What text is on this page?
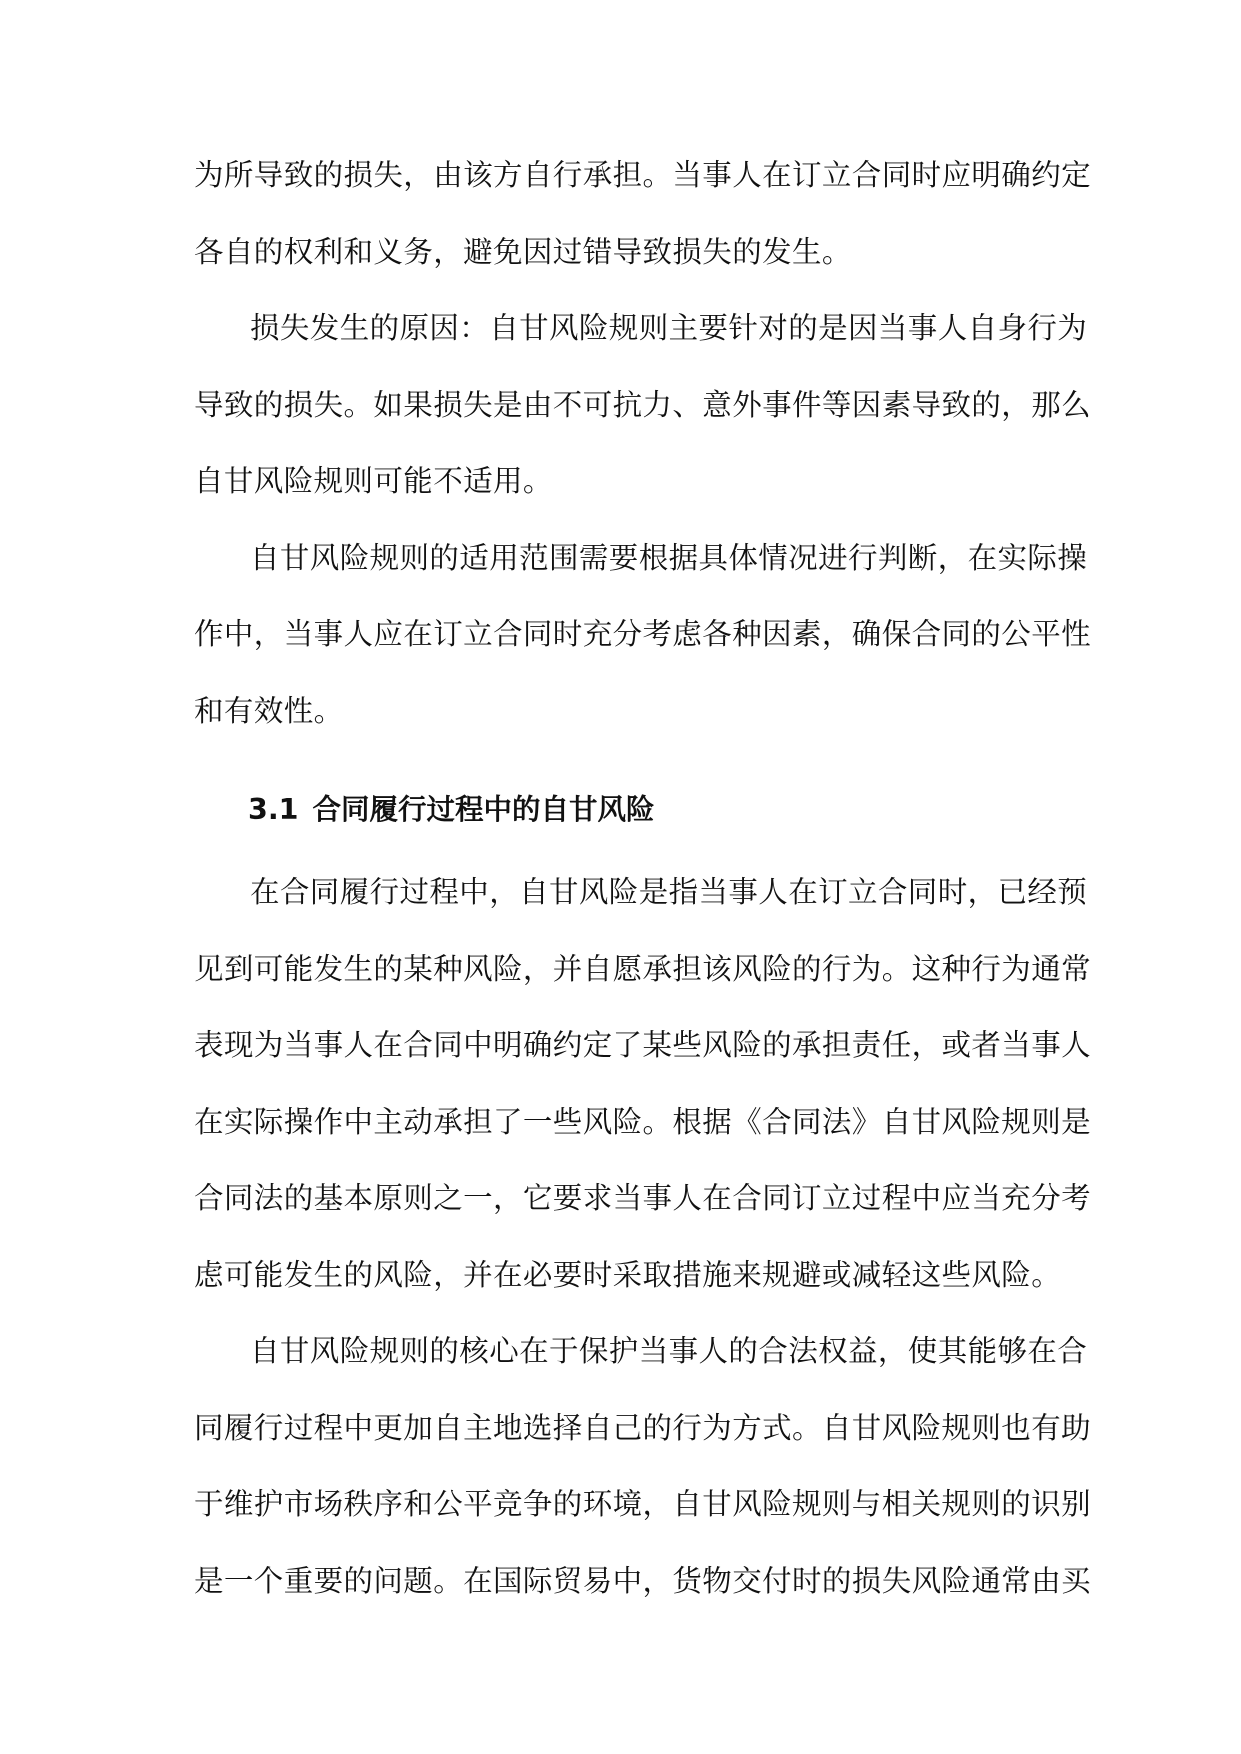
为所导致的损失，由该方自行承担。当事人在订立合同时应明确约定
各自的权利和义务，避免因过错导致损失的发生。
损失发生的原因：自甘风险规则主要针对的是因当事人自身行为
导致的损失。如果损失是由不可抗力、意外事件等因素导致的，那么
自甘风险规则可能不适用。
自甘风险规则的适用范围需要根据具体情况进行判断，在实际操
作中，当事人应在订立合同时充分考虑各种因素，确保合同的公平性
和有效性。
3.1 合同履行过程中的自甘风险
在合同履行过程中，自甘风险是指当事人在订立合同时，已经预
见到可能发生的某种风险，并自愿承担该风险的行为。这种行为通常
表现为当事人在合同中明确约定了某些风险的承担责任，或者当事人
在实际操作中主动承担了一些风险。根据《合同法》自甘风险规则是
合同法的基本原则之一，它要求当事人在合同订立过程中应当充分考
虑可能发生的风险，并在必要时采取措施来规避或减轻这些风险。
自甘风险规则的核心在于保护当事人的合法权益，使其能够在合
同履行过程中更加自主地选择自己的行为方式。自甘风险规则也有助
于维护市场秩序和公平竞争的环境，自甘风险规则与相关规则的识别
是一个重要的问题。在国际贸易中，货物交付时的损失风险通常由买
